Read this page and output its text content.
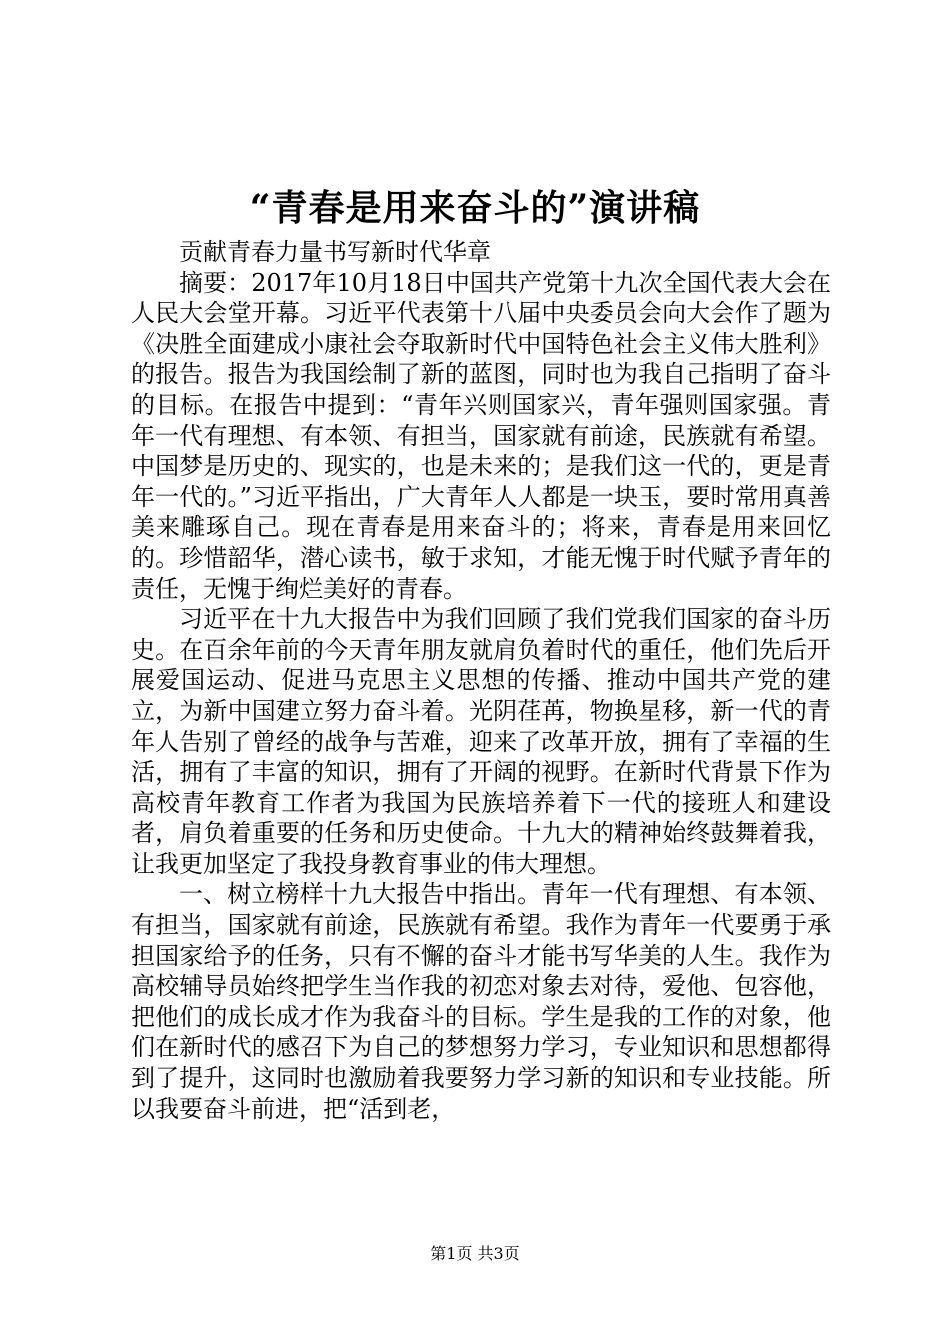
“青春是用来奋斗的”演讲稿

贡献青春力量书写新时代华章

摘要：2017年10月18日中国共产党第十九次全国代表大会在人民大会堂开幕。习近平代表第十八届中央委员会向大会作了题为《决胜全面建成小康社会夺取新时代中国特色社会主义伟大胜利》的报告。报告为我国绘制了新的蓝图，同时也为我自己指明了奋斗的目标。在报告中提到：“青年兴则国家兴，青年强则国家强。青年一代有理想、有本领、有担当，国家就有前途，民族就有希望。中国梦是历史的、现实的，也是未来的；是我们这一代的，更是青年一代的。”习近平指出，广大青年人人都是一块玉，要时常用真善美来雕琢自己。现在青春是用来奋斗的；将来，青春是用来回忆的。珍惜韶华，潜心读书，敏于求知，才能无愧于时代赋予青年的责任，无愧于绚烂美好的青春。

习近平在十九大报告中为我们回顾了我们党我们国家的奋斗历史。在百余年前的今天青年朋友就肩负着时代的重任，他们先后开展爱国运动、促进马克思主义思想的传播、推动中国共产党的建立，为新中国建立努力奋斗着。光阴荏苒，物换星移，新一代的青年人告别了曾经的战争与苦难，迎来了改革开放，拥有了幸福的生活，拥有了丰富的知识，拥有了开阔的视野。在新时代背景下作为高校青年教育工作者为我国为民族培养着下一代的接班人和建设者，肩负着重要的任务和历史使命。十九大的精神始终鼓舞着我，让我更加坚定了我投身教育事业的伟大理想。

一、树立榜样十九大报告中指出。青年一代有理想、有本领、有担当，国家就有前途，民族就有希望。我作为青年一代要勇于承担国家给予的任务，只有不懈的奋斗才能书写华美的人生。我作为高校辅导员始终把学生当作我的初恋对象去对待，爱他、包容他，把他们的成长成才作为我奋斗的目标。学生是我的工作的对象，他们在新时代的感召下为自己的梦想努力学习，专业知识和思想都得到了提升，这同时也激励着我要努力学习新的知识和专业技能。所以我要奋斗前进，把“活到老，

第1页 共3页
